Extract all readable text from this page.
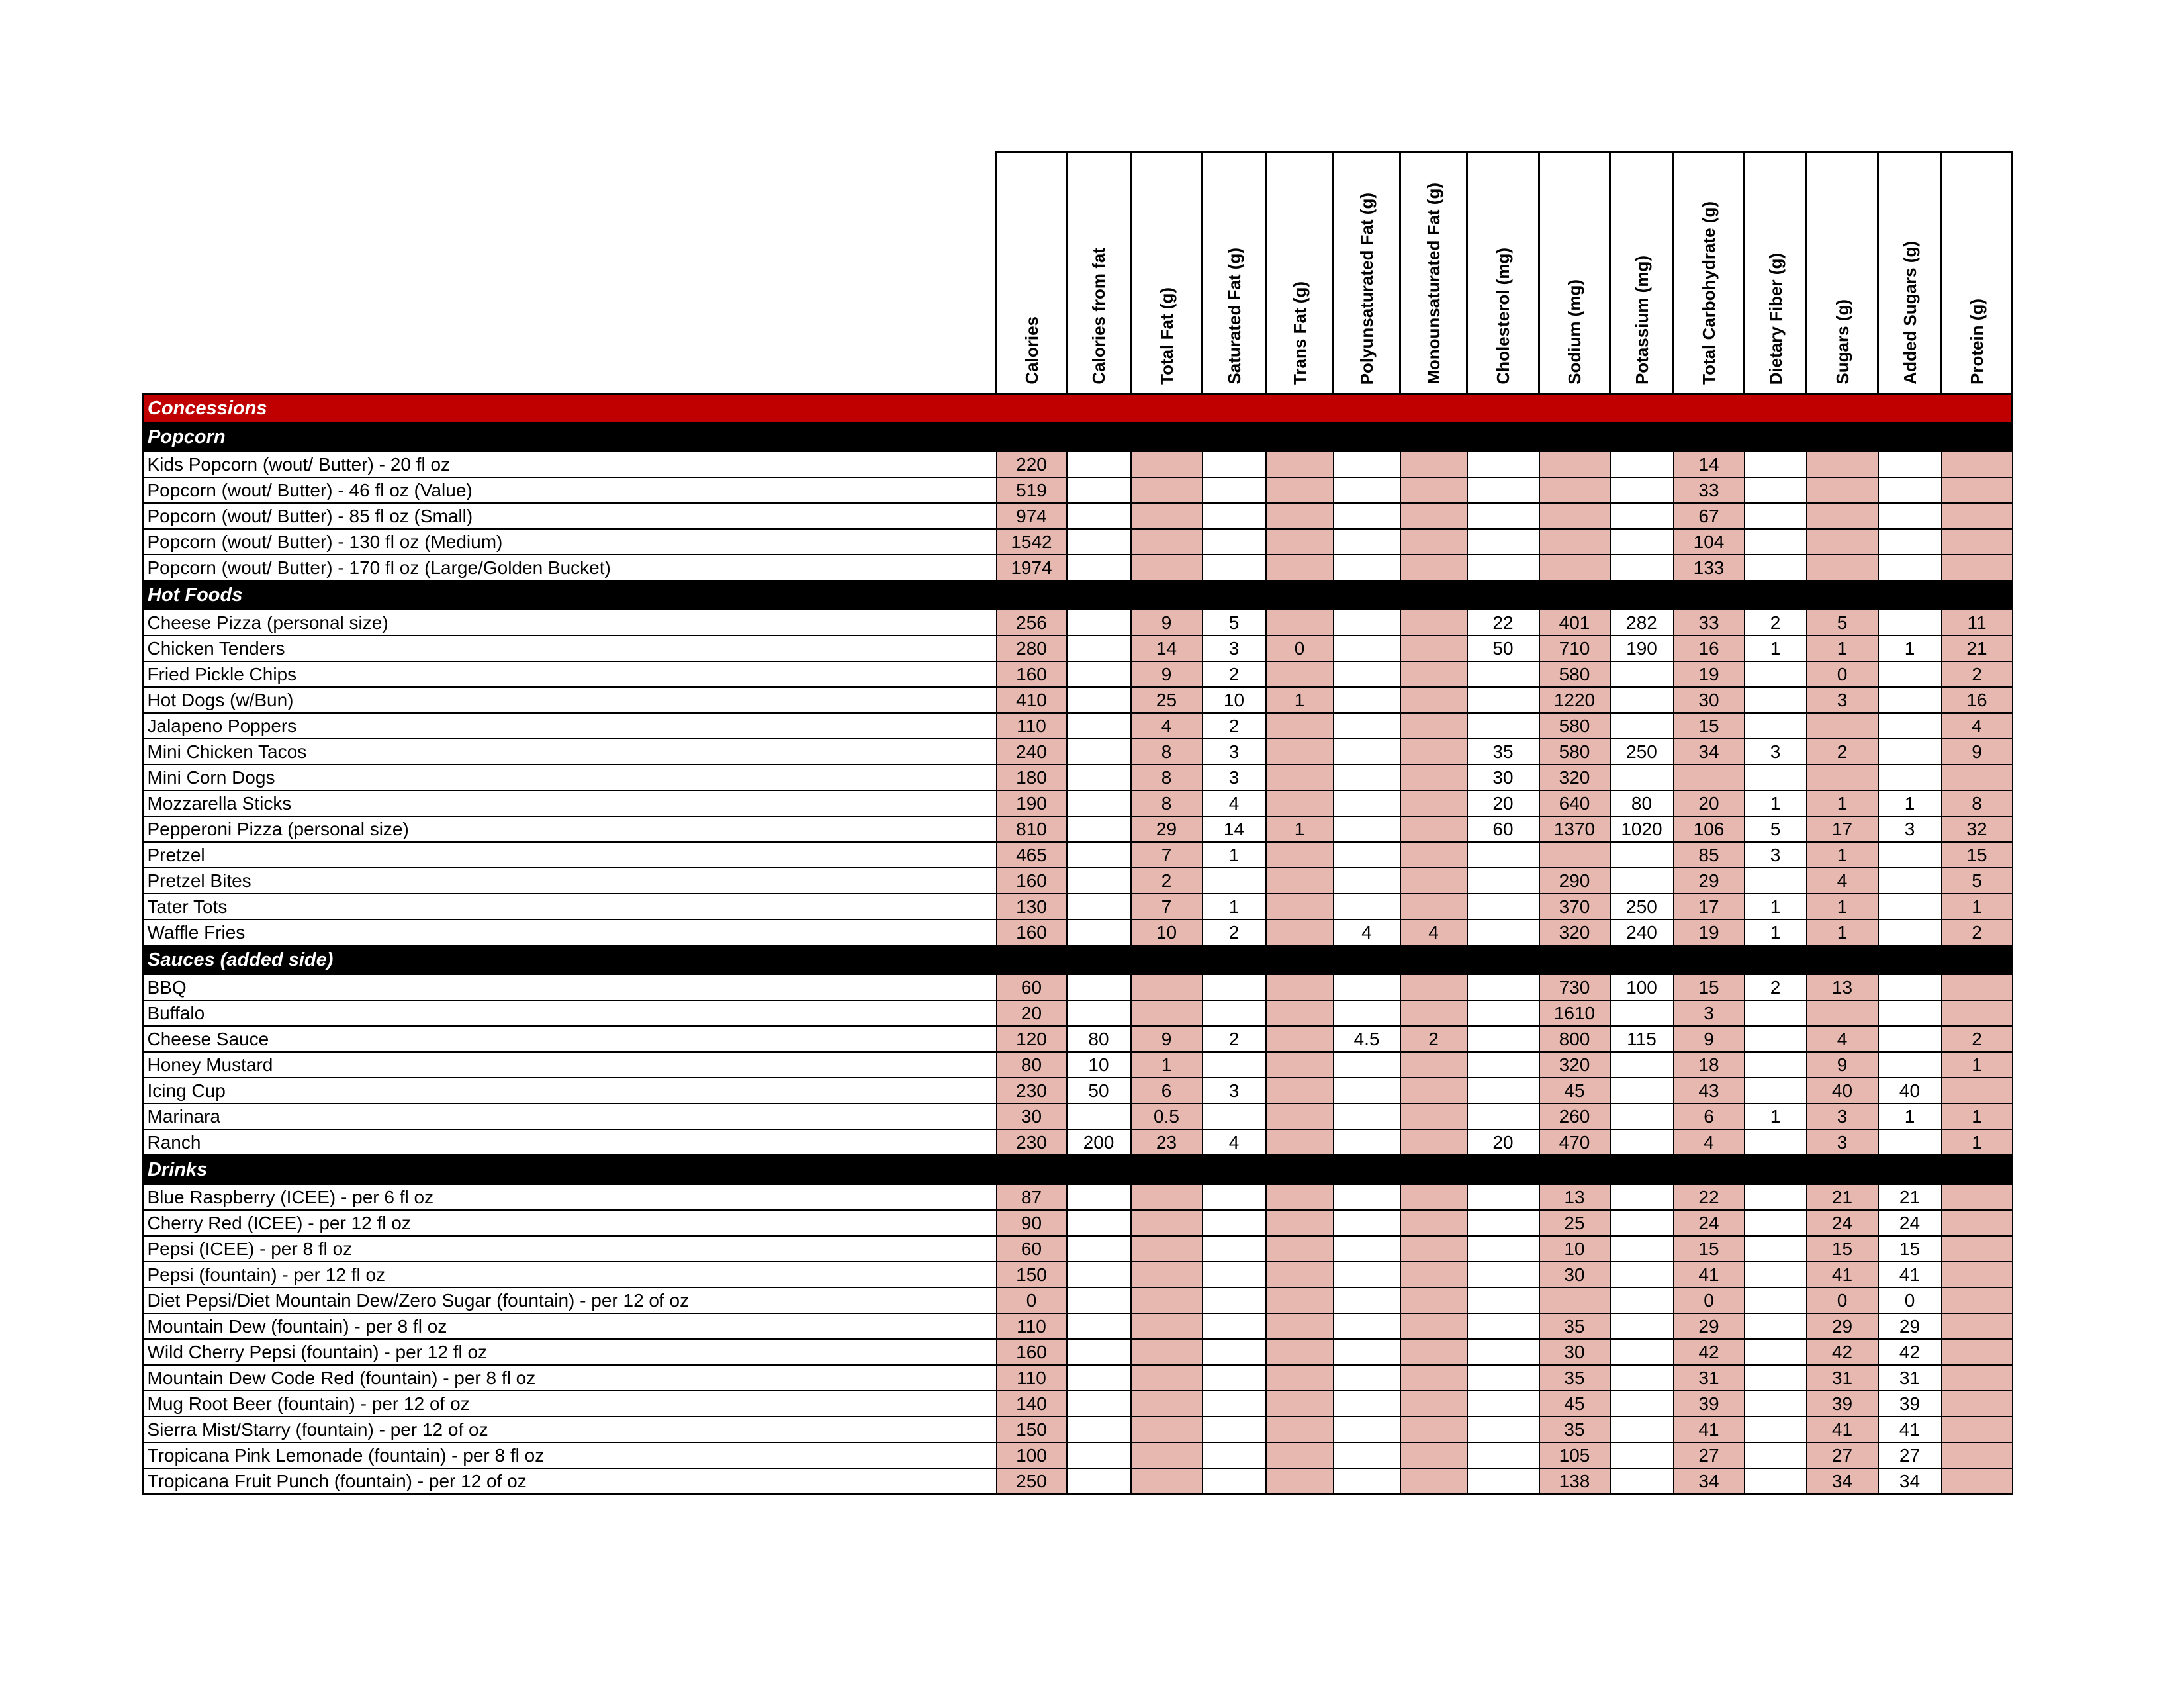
	Calories	Calories from fat	Total Fat (g)	Saturated Fat (g)	Trans Fat (g)	Polyunsaturated Fat (g)	Monounsaturated Fat (g)	Cholesterol (mg)	Sodium (mg)	Potassium (mg)	Total Carbohydrate (g)	Dietary Fiber (g)	Sugars (g)	Added Sugars (g)	Protein (g)
Concessions															
Popcorn															
Kids Popcorn (wout/ Butter) - 20 fl oz	220										14				
Popcorn (wout/ Butter) - 46 fl oz (Value)	519										33				
Popcorn (wout/ Butter) - 85 fl oz (Small)	974										67				
Popcorn (wout/ Butter) - 130 fl oz (Medium)	1542										104				
Popcorn (wout/ Butter) - 170 fl oz (Large/Golden Bucket)	1974										133				
Hot Foods															
Cheese Pizza (personal size)	256		9	5				22	401	282	33	2	5		11
Chicken Tenders	280		14	3	0			50	710	190	16	1	1	1	21
Fried Pickle Chips	160		9	2					580		19		0		2
Hot Dogs (w/Bun)	410		25	10	1				1220		30		3		16
Jalapeno Poppers	110		4	2					580		15				4
Mini Chicken Tacos	240		8	3				35	580	250	34	3	2		9
Mini Corn Dogs	180		8	3				30	320						
Mozzarella Sticks	190		8	4				20	640	80	20	1	1	1	8
Pepperoni Pizza (personal size)	810		29	14	1			60	1370	1020	106	5	17	3	32
Pretzel	465		7	1							85	3	1		15
Pretzel Bites	160		2						290		29		4		5
Tater Tots	130		7	1					370	250	17	1	1		1
Waffle Fries	160		10	2		4	4		320	240	19	1	1		2
Sauces (added side)															
BBQ	60								730	100	15	2	13		
Buffalo	20								1610		3				
Cheese Sauce	120	80	9	2		4.5	2		800	115	9		4		2
Honey Mustard	80	10	1						320		18		9		1
Icing Cup	230	50	6	3					45		43		40	40	
Marinara	30		0.5						260		6	1	3	1	1
Ranch	230	200	23	4				20	470		4		3		1
Drinks															
Blue Raspberry (ICEE) - per 6 fl oz	87								13		22		21	21	
Cherry Red (ICEE) - per 12 fl oz	90								25		24		24	24	
Pepsi (ICEE) - per 8 fl oz	60								10		15		15	15	
Pepsi (fountain) - per 12 fl oz	150								30		41		41	41	
Diet Pepsi/Diet Mountain Dew/Zero Sugar (fountain) - per 12 of oz	0										0		0	0	
Mountain Dew (fountain) - per 8 fl oz	110								35		29		29	29	
Wild Cherry Pepsi (fountain) - per 12 fl oz	160								30		42		42	42	
Mountain Dew Code Red (fountain) - per 8 fl oz	110								35		31		31	31	
Mug Root Beer (fountain) - per 12 of oz	140								45		39		39	39	
Sierra Mist/Starry (fountain) - per 12 of oz	150								35		41		41	41	
Tropicana Pink Lemonade (fountain) - per 8 fl oz	100								105		27		27	27	
Tropicana Fruit Punch (fountain) - per 12 of oz	250								138		34		34	34	
